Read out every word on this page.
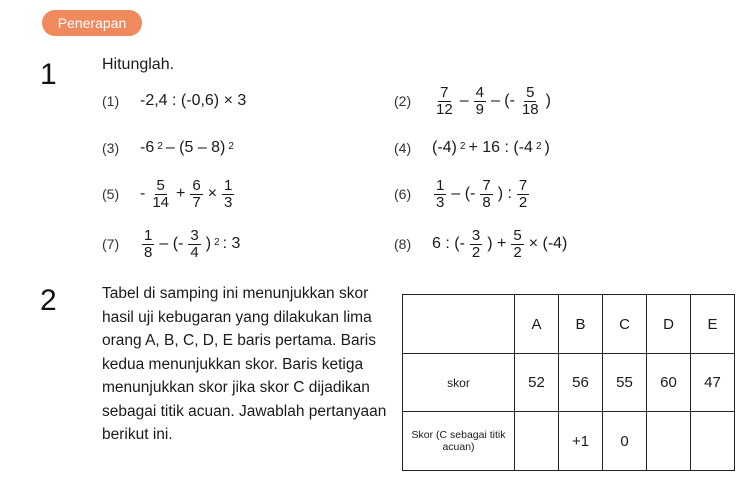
Penerapan
1	Hitunglah.
(1)	-2,4 : (-0,6) × 3	(2)	$\frac{7}{12} - \frac{4}{9}$ – (- $\frac{5}{18}$ )
(3)	-6 $^2$ – (5 – 8) $^2$	(4)	(-4) $^2$ + 16 : (-4 $^2$ )
(5)	- $\frac{5}{14} + \frac{6}{7} \times \frac{1}{3}$	(6)	$\frac{1}{3}$ – (- $\frac{7}{8}$ ) : $\frac{7}{2}$
(7)	$\frac{1}{8}$ – (- $\frac{3}{4}$ ) $^2$ : 3	(8)	6 : (- $\frac{3}{2}$ ) + $\frac{5}{2} \times (-4)$
2	Tabel di samping ini menunjukkan skor hasil uji kebugaran yang dilakukan lima orang A, B, C, D, E baris pertama. Baris kedua menunjukkan skor. Baris ketiga menunjukkan skor jika skor C dijadikan sebagai titik acuan. Jawablah pertanyaan berikut ini.
	A	B	C	D	E
skor	52	56	55	60	47
Skor (C sebagai titik acuan)		+1	0		
